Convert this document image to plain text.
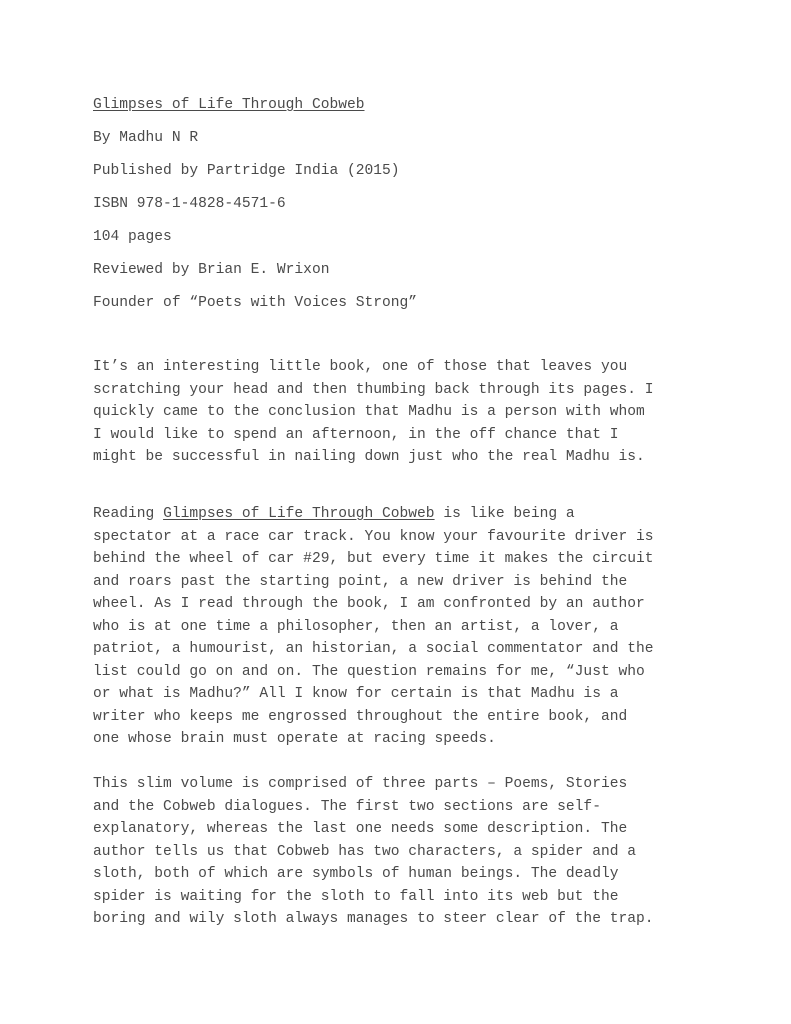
Glimpses of Life Through Cobweb

By Madhu N R

Published by Partridge India (2015)

ISBN 978-1-4828-4571-6

104 pages

Reviewed by Brian E. Wrixon

Founder of “Poets with Voices Strong”

It’s an interesting little book, one of those that leaves you
scratching your head and then thumbing back through its pages. I
quickly came to the conclusion that Madhu is a person with whom
I would like to spend an afternoon, in the off chance that I
might be successful in nailing down just who the real Madhu is.
Reading Glimpses of Life Through Cobweb is like being a
spectator at a race car track. You know your favourite driver is
behind the wheel of car #29, but every time it makes the circuit
and roars past the starting point, a new driver is behind the
wheel. As I read through the book, I am confronted by an author
who is at one time a philosopher, then an artist, a lover, a
patriot, a humourist, an historian, a social commentator and the
list could go on and on. The question remains for me, “Just who
or what is Madhu?” All I know for certain is that Madhu is a
writer who keeps me engrossed throughout the entire book, and
one whose brain must operate at racing speeds.
This slim volume is comprised of three parts – Poems, Stories
and the Cobweb dialogues. The first two sections are self-
explanatory, whereas the last one needs some description. The
author tells us that Cobweb has two characters, a spider and a
sloth, both of which are symbols of human beings. The deadly
spider is waiting for the sloth to fall into its web but the
boring and wily sloth always manages to steer clear of the trap.
